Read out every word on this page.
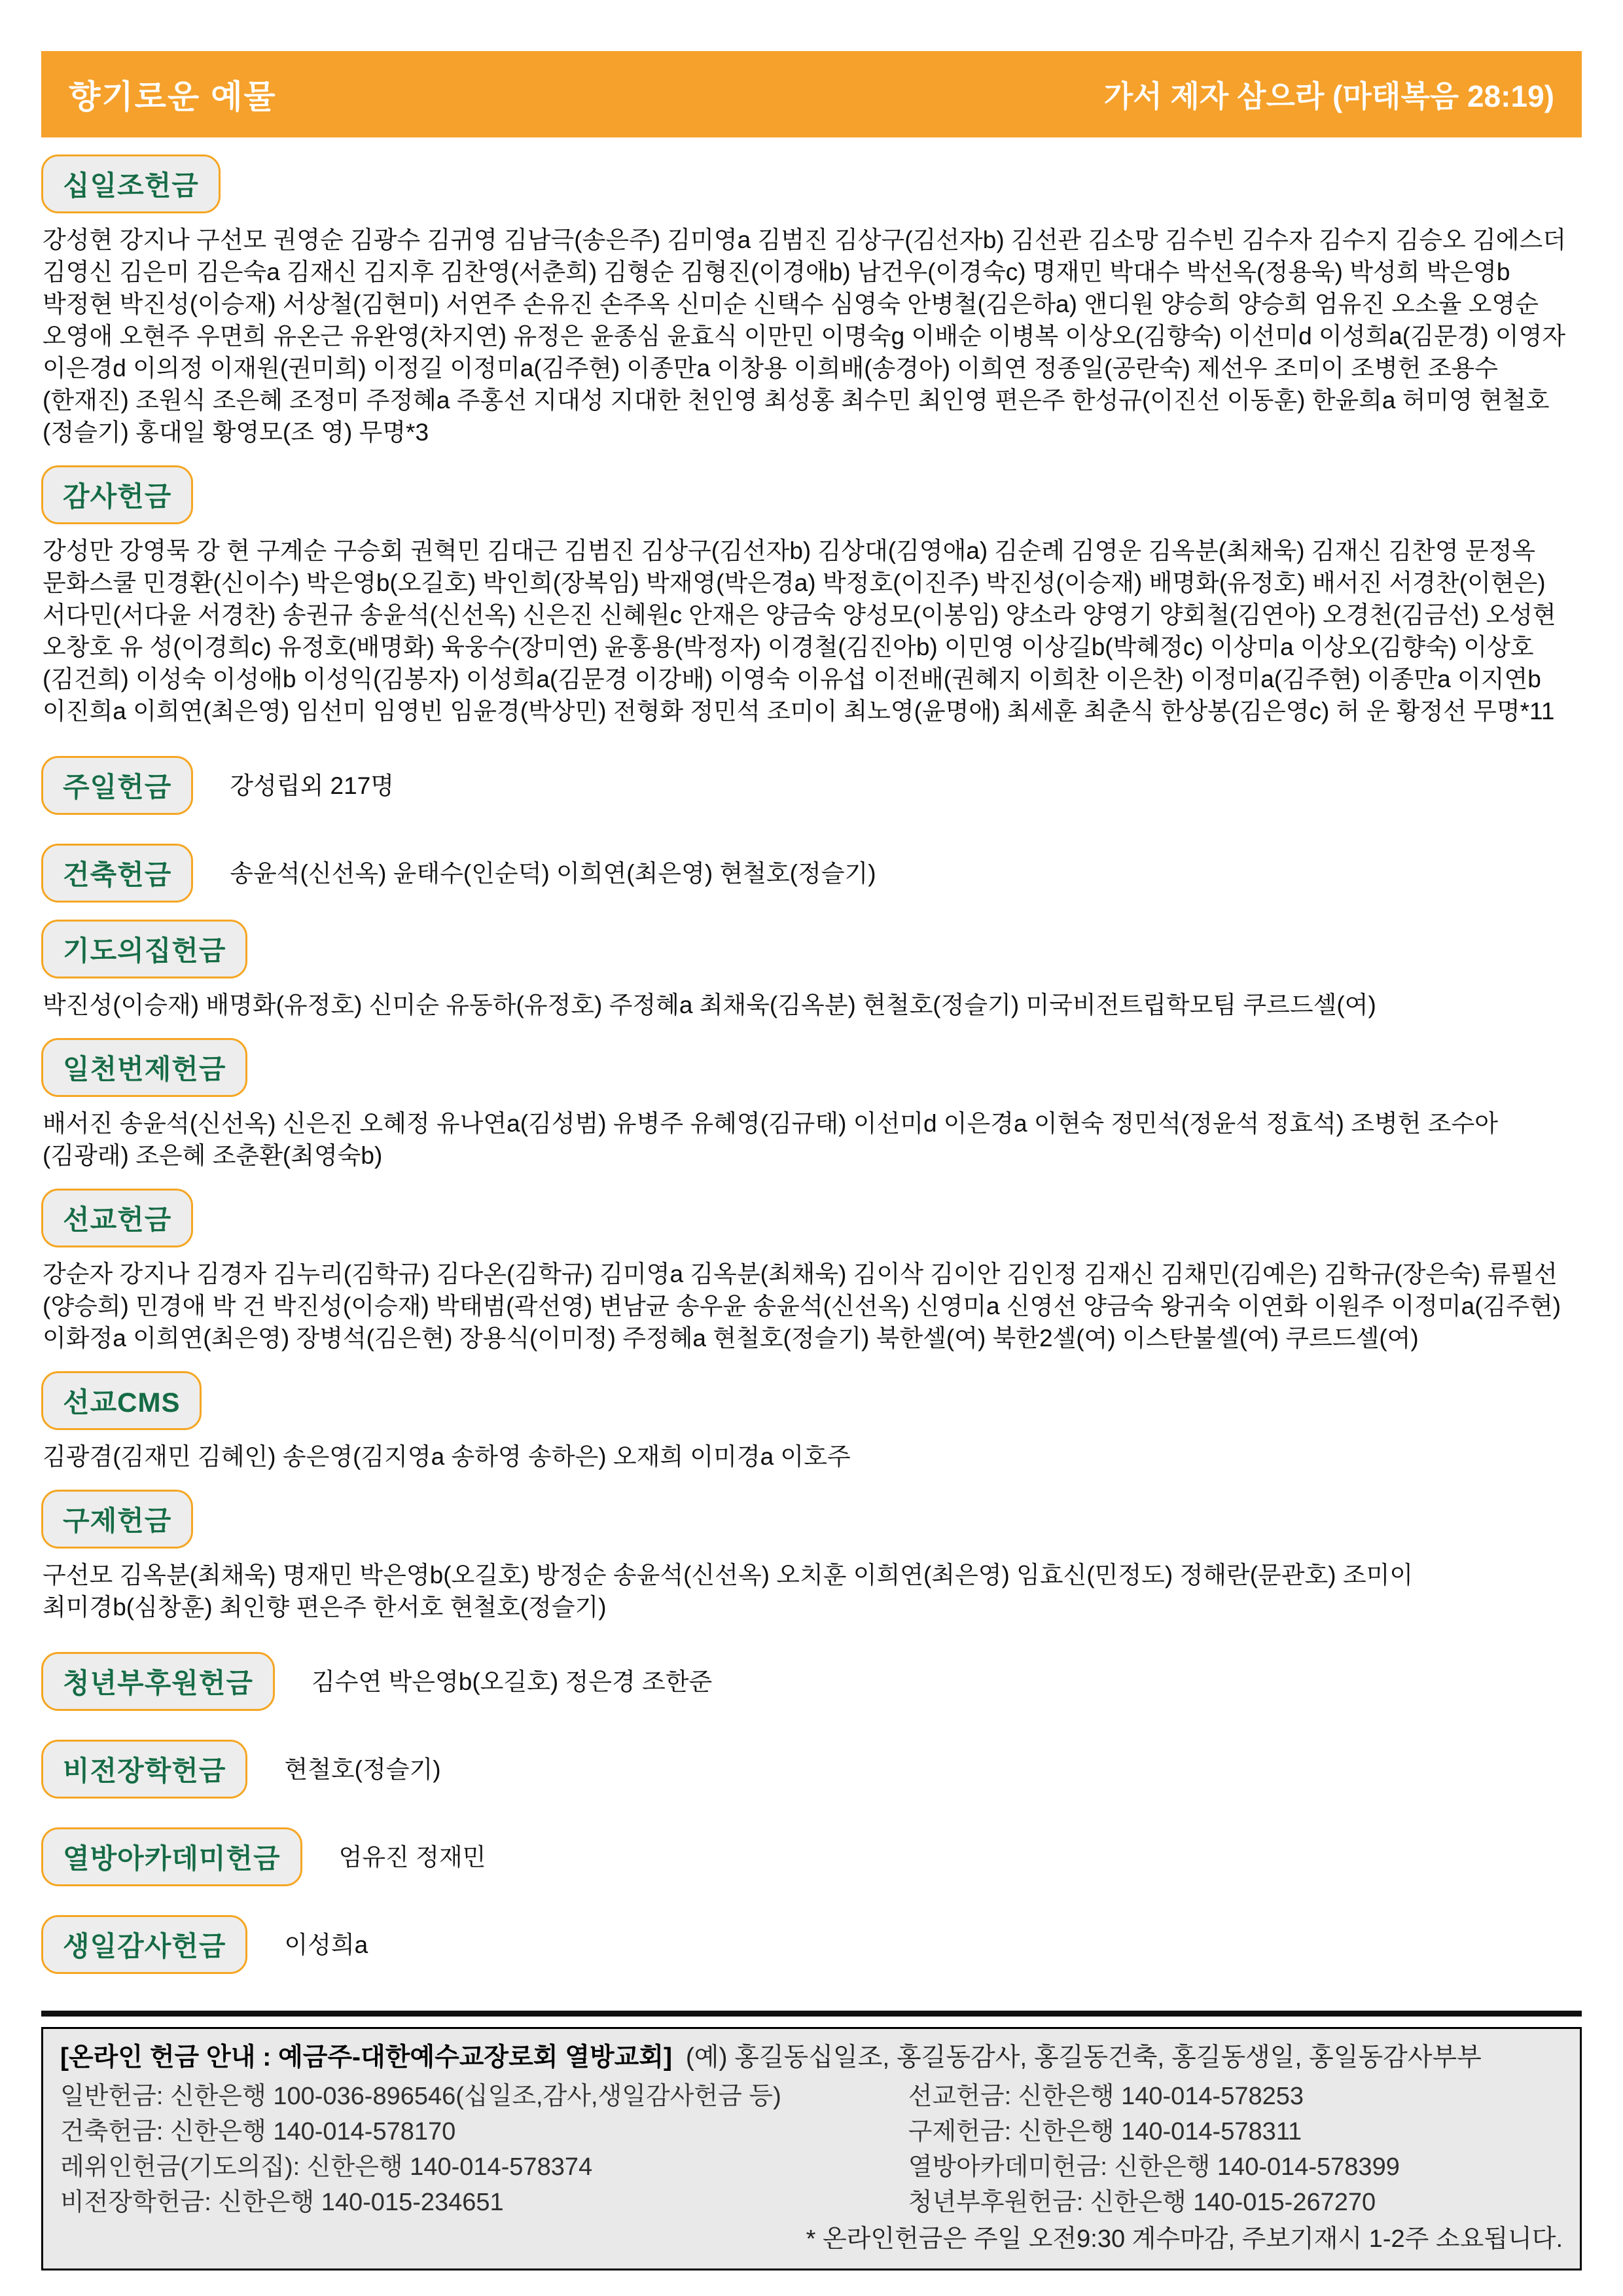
향기로운 예물	가서 제자 삼으라 (마태복음 28:19)
십일조헌금
강성현 강지나 구선모 권영순 김광수 김귀영 김남극(송은주) 김미영a 김범진 김상구(김선자b) 김선관 김소망 김수빈 김수자 김수지 김승오 김에스더 김영신 김은미 김은숙a 김재신 김지후 김찬영(서춘희) 김형순 김형진(이경애b) 남건우(이경숙c) 명재민 박대수 박선옥(정용욱) 박성희 박은영b 박정현 박진성(이승재) 서상철(김현미) 서연주 손유진 손주옥 신미순 신택수 심영숙 안병철(김은하a) 앤디원 양승희 양승희 엄유진 오소율 오영순 오영애 오현주 우면희 유온근 유완영(차지연) 유정은 윤종심 윤효식 이만민 이명숙g 이배순 이병복 이상오(김향숙) 이선미d 이성희a(김문경) 이영자 이은경d 이의정 이재원(권미희) 이정길 이정미a(김주현) 이종만a 이창용 이희배(송경아) 이희연 정종일(공란숙) 제선우 조미이 조병헌 조용수(한재진) 조원식 조은혜 조정미 주정혜a 주홍선 지대성 지대한 천인영 최성홍 최수민 최인영 편은주 한성규(이진선 이동훈) 한윤희a 허미영 현철호(정슬기) 홍대일 황영모(조 영) 무명*3
감사헌금
강성만 강영묵 강 현 구계순 구승회 권혁민 김대근 김범진 김상구(김선자b) 김상대(김영애a) 김순례 김영운 김옥분(최채욱) 김재신 김찬영 문정옥 문화스쿨 민경환(신이수) 박은영b(오길호) 박인희(장복임) 박재영(박은경a) 박정호(이진주) 박진성(이승재) 배명화(유정호) 배서진 서경찬(이현은) 서다민(서다윤 서경찬) 송권규 송윤석(신선옥) 신은진 신혜원c 안재은 양금숙 양성모(이봉임) 양소라 양영기 양회철(김연아) 오경천(김금선) 오성현 오창호 유 성(이경희c) 유정호(배명화) 육웅수(장미연) 윤홍용(박정자) 이경철(김진아b) 이민영 이상길b(박혜정c) 이상미a 이상오(김향숙) 이상호(김건희) 이성숙 이성애b 이성익(김봉자) 이성희a(김문경 이강배) 이영숙 이유섭 이전배(권혜지 이희찬 이은찬) 이정미a(김주현) 이종만a 이지연b 이진희a 이희연(최은영) 임선미 임영빈 임윤경(박상민) 전형화 정민석 조미이 최노영(윤명애) 최세훈 최춘식 한상봉(김은영c) 허 운 황정선 무명*11
주일헌금	강성립외 217명
건축헌금	송윤석(신선옥) 윤태수(인순덕) 이희연(최은영) 현철호(정슬기)
기도의집헌금
박진성(이승재) 배명화(유정호) 신미순 유동하(유정호) 주정혜a 최채욱(김옥분) 현철호(정슬기) 미국비전트립학모팀 쿠르드셀(여)
일천번제헌금
배서진 송윤석(신선옥) 신은진 오혜정 유나연a(김성범) 유병주 유혜영(김규태) 이선미d 이은경a 이현숙 정민석(정윤석 정효석) 조병헌 조수아(김광래) 조은혜 조춘환(최영숙b)
선교헌금
강순자 강지나 김경자 김누리(김학규) 김다온(김학규) 김미영a 김옥분(최채욱) 김이삭 김이안 김인정 김재신 김채민(김예은) 김학규(장은숙) 류필선(양승희) 민경애 박 건 박진성(이승재) 박태범(곽선영) 변남균 송우윤 송윤석(신선옥) 신영미a 신영선 양금숙 왕귀숙 이연화 이원주 이정미a(김주현) 이화정a 이희연(최은영) 장병석(김은현) 장용식(이미정) 주정혜a 현철호(정슬기) 북한셀(여) 북한2셀(여) 이스탄불셀(여) 쿠르드셀(여)
선교CMS
김광겸(김재민 김혜인) 송은영(김지영a 송하영 송하은) 오재희 이미경a 이호주
구제헌금
구선모 김옥분(최채욱) 명재민 박은영b(오길호) 방정순 송윤석(신선옥) 오치훈 이희연(최은영) 임효신(민정도) 정해란(문관호) 조미이 최미경b(심창훈) 최인향 편은주 한서호 현철호(정슬기)
청년부후원헌금	김수연 박은영b(오길호) 정은경 조한준
비전장학헌금	현철호(정슬기)
열방아카데미헌금	엄유진 정재민
생일감사헌금	이성희a
[온라인 헌금 안내 : 예금주-대한예수교장로회 열방교회] (예) 홍길동십일조, 홍길동감사, 홍길동건축, 홍길동생일, 홍일동감사부부
일반헌금: 신한은행 100-036-896546(십일조,감사,생일감사헌금 등)	선교헌금: 신한은행 140-014-578253
건축헌금: 신한은행 140-014-578170	구제헌금: 신한은행 140-014-578311
레위인헌금(기도의집): 신한은행 140-014-578374	열방아카데미헌금: 신한은행 140-014-578399
비전장학헌금: 신한은행 140-015-234651	청년부후원헌금: 신한은행 140-015-267270
* 온라인헌금은 주일 오전9:30 계수마감, 주보기재시 1-2주 소요됩니다.
